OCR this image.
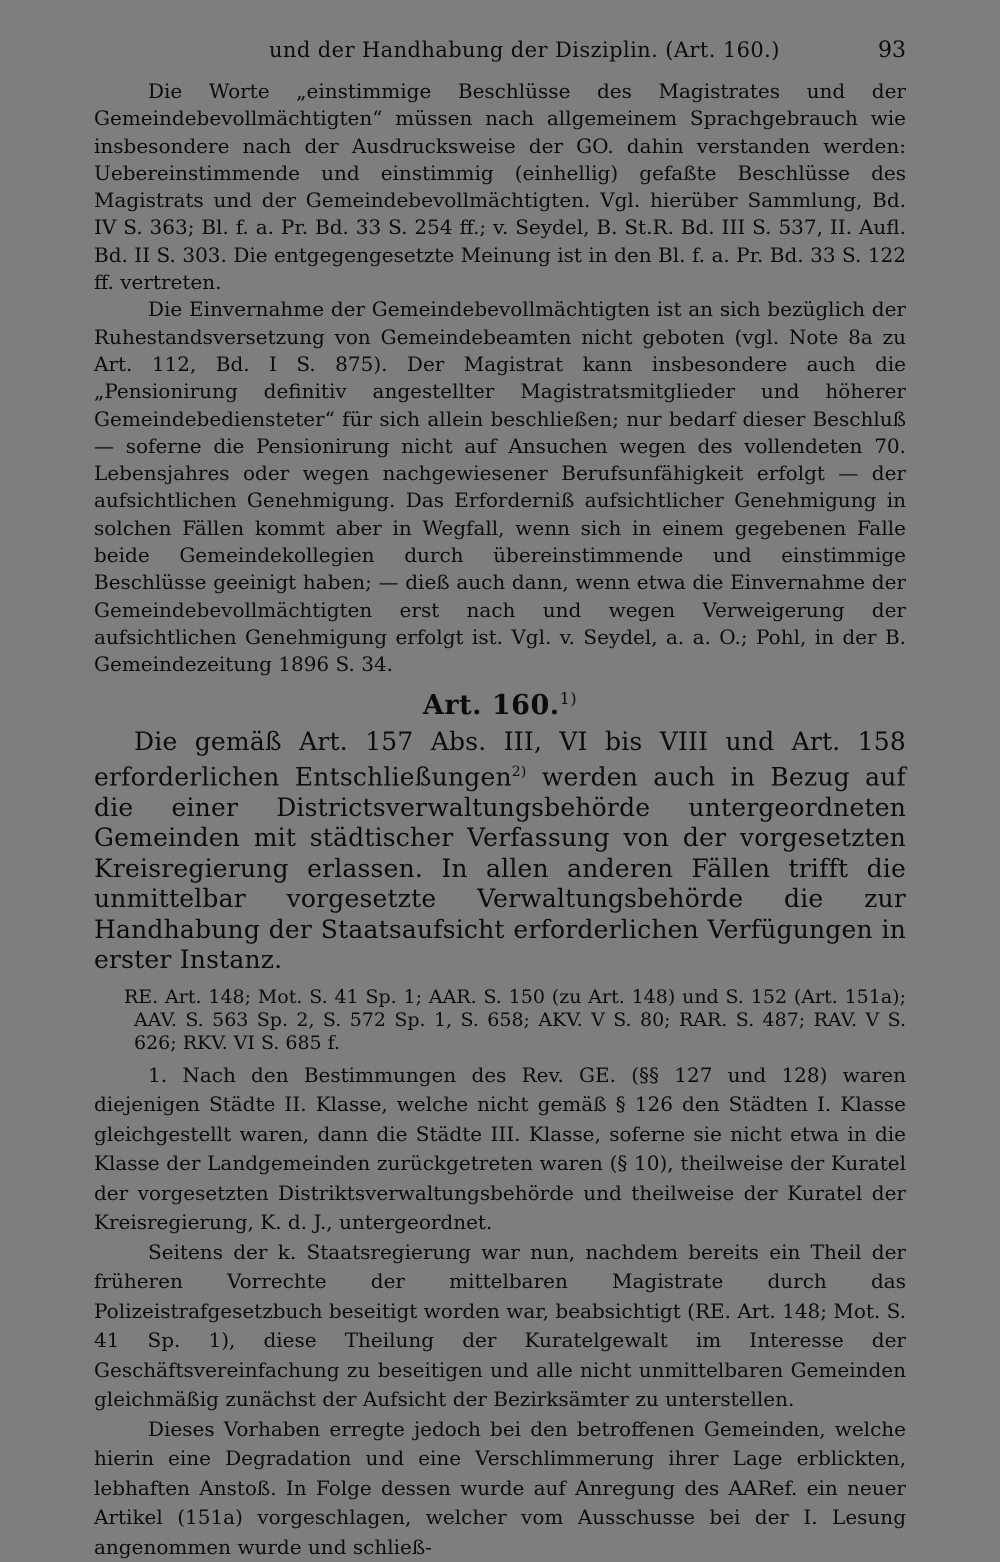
und der Handhabung der Disziplin. (Art. 160.)	93

Die Worte „einstimmige Beschlüsse des Magistrates und der Gemeindebevollmächtigten“ müssen nach allgemeinem Sprachgebrauch wie insbesondere nach der Ausdrucksweise der GO. dahin verstanden werden: Uebereinstimmende und einstimmig (einhellig) gefaßte Beschlüsse des Magistrats und der Gemeindebevollmächtigten. Vgl. hierüber Sammlung, Bd. IV S. 363; Bl. f. a. Pr. Bd. 33 S. 254 ff.; v. Seydel, B. St.R. Bd. III S. 537, II. Aufl. Bd. II S. 303. Die entgegengesetzte Meinung ist in den Bl. f. a. Pr. Bd. 33 S. 122 ff. vertreten.

Die Einvernahme der Gemeindebevollmächtigten ist an sich bezüglich der Ruhestandsversetzung von Gemeindebeamten nicht geboten (vgl. Note 8a zu Art. 112, Bd. I S. 875). Der Magistrat kann insbesondere auch die „Pensionirung definitiv angestellter Magistratsmitglieder und höherer Gemeindebediensteter“ für sich allein beschließen; nur bedarf dieser Beschluß — soferne die Pensionirung nicht auf Ansuchen wegen des vollendeten 70. Lebensjahres oder wegen nachgewiesener Berufsunfähigkeit erfolgt — der aufsichtlichen Genehmigung. Das Erforderniß aufsichtlicher Genehmigung in solchen Fällen kommt aber in Wegfall, wenn sich in einem gegebenen Falle beide Gemeindekollegien durch übereinstimmende und einstimmige Beschlüsse geeinigt haben; — dieß auch dann, wenn etwa die Einvernahme der Gemeindebevollmächtigten erst nach und wegen Verweigerung der aufsichtlichen Genehmigung erfolgt ist. Vgl. v. Seydel, a. a. O.; Pohl, in der B. Gemeindezeitung 1896 S. 34.

Art. 160.$^{1)}$

Die gemäß Art. 157 Abs. III, VI bis VIII und Art. 158 erforderlichen Entschließungen$^{2)}$ werden auch in Bezug auf die einer Districtsverwaltungsbehörde untergeordneten Gemeinden mit städtischer Verfassung von der vorgesetzten Kreisregierung erlassen. In allen anderen Fällen trifft die unmittelbar vorgesetzte Verwaltungsbehörde die zur Handhabung der Staatsaufsicht erforderlichen Verfügungen in erster Instanz.

RE. Art. 148; Mot. S. 41 Sp. 1; AAR. S. 150 (zu Art. 148) und S. 152 (Art. 151a); AAV. S. 563 Sp. 2, S. 572 Sp. 1, S. 658; AKV. V S. 80; RAR. S. 487; RAV. V S. 626; RKV. VI S. 685 f.

1. Nach den Bestimmungen des Rev. GE. (§§ 127 und 128) waren diejenigen Städte II. Klasse, welche nicht gemäß § 126 den Städten I. Klasse gleichgestellt waren, dann die Städte III. Klasse, soferne sie nicht etwa in die Klasse der Landgemeinden zurückgetreten waren (§ 10), theilweise der Kuratel der vorgesetzten Distriktsverwaltungsbehörde und theilweise der Kuratel der Kreisregierung, K. d. J., untergeordnet.

Seitens der k. Staatsregierung war nun, nachdem bereits ein Theil der früheren Vorrechte der mittelbaren Magistrate durch das Polizeistrafgesetzbuch beseitigt worden war, beabsichtigt (RE. Art. 148; Mot. S. 41 Sp. 1), diese Theilung der Kuratelgewalt im Interesse der Geschäftsvereinfachung zu beseitigen und alle nicht unmittelbaren Gemeinden gleichmäßig zunächst der Aufsicht der Bezirksämter zu unterstellen.

Dieses Vorhaben erregte jedoch bei den betroffenen Gemeinden, welche hierin eine Degradation und eine Verschlimmerung ihrer Lage erblickten, lebhaften Anstoß. In Folge dessen wurde auf Anregung des AARef. ein neuer Artikel (151a) vorgeschlagen, welcher vom Ausschusse bei der I. Lesung angenommen wurde und schließ-
